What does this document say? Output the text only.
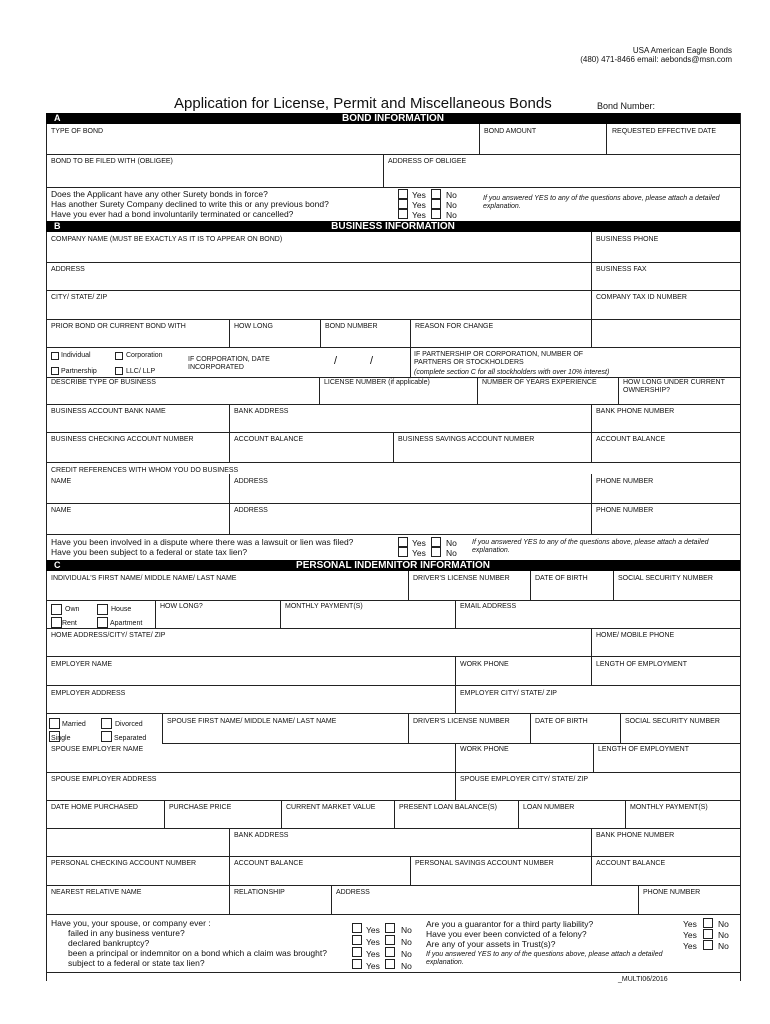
USA American Eagle Bonds
(480) 471-8466 email: aebonds@msn.com
Application for License, Permit and Miscellaneous Bonds	Bond Number:
A	BOND INFORMATION
TYPE OF BOND	BOND AMOUNT	REQUESTED EFFECTIVE DATE
BOND TO BE FILED WITH (OBLIGEE)	ADDRESS OF OBLIGEE
Does the Applicant have any other Surety bonds in force?
Has another Surety Company declined to write this or any previous bond?
Have you ever had a bond involuntarily terminated or cancelled?
Yes No
Yes No
Yes No
If you answered YES to any of the questions above, please attach a detailed explanation.
B	BUSINESS INFORMATION
COMPANY NAME (MUST BE EXACTLY AS IT IS TO APPEAR ON BOND)	BUSINESS PHONE
ADDRESS	BUSINESS FAX
CITY/ STATE/ ZIP	COMPANY TAX ID NUMBER
PRIOR BOND OR CURRENT BOND WITH	HOW LONG	BOND NUMBER	REASON FOR CHANGE
Individual	Corporation
Partnership	LLC/ LLP
IF CORPORATION, DATE INCORPORATED
/	/
IF PARTNERSHIP OR CORPORATION, NUMBER OF PARTNERS OR STOCKHOLDERS
(complete section C for all stockholders with over 10% interest)
DESCRIBE TYPE OF BUSINESS	LICENSE NUMBER (if applicable)	NUMBER OF YEARS EXPERIENCE	HOW LONG UNDER CURRENT OWNERSHIP?
BUSINESS ACCOUNT BANK NAME	BANK ADDRESS	BANK PHONE NUMBER
BUSINESS CHECKING ACCOUNT NUMBER	ACCOUNT BALANCE	BUSINESS SAVINGS ACCOUNT NUMBER	ACCOUNT BALANCE
CREDIT REFERENCES WITH WHOM YOU DO BUSINESS
NAME	ADDRESS	PHONE NUMBER
NAME	ADDRESS	PHONE NUMBER
Have you been involved in a dispute where there was a lawsuit or lien was filed?
Have you been subject to a federal or state tax lien?
Yes No
Yes No
If you answered YES to any of the questions above, please attach a detailed explanation.
C	PERSONAL INDEMNITOR INFORMATION
INDIVIDUAL'S FIRST NAME/ MIDDLE NAME/ LAST NAME	DRIVER'S LICENSE NUMBER	DATE OF BIRTH	SOCIAL SECURITY NUMBER
Own	House
Rent	Apartment
HOW LONG?	MONTHLY PAYMENT(S)	EMAIL ADDRESS
HOME ADDRESS/CITY/ STATE/ ZIP	HOME/ MOBILE PHONE
EMPLOYER NAME	WORK PHONE	LENGTH OF EMPLOYMENT
EMPLOYER ADDRESS	EMPLOYER CITY/ STATE/ ZIP
Married	Divorced
Single	Separated
SPOUSE FIRST NAME/ MIDDLE NAME/ LAST NAME	DRIVER'S LICENSE NUMBER	DATE OF BIRTH	SOCIAL SECURITY NUMBER
SPOUSE EMPLOYER NAME	WORK PHONE	LENGTH OF EMPLOYMENT
SPOUSE EMPLOYER ADDRESS	SPOUSE EMPLOYER CITY/ STATE/ ZIP
DATE HOME PURCHASED	PURCHASE PRICE	CURRENT MARKET VALUE	PRESENT LOAN BALANCE(S)	LOAN NUMBER	MONTHLY PAYMENT(S)
BANK ADDRESS	BANK PHONE NUMBER
PERSONAL CHECKING ACCOUNT NUMBER	ACCOUNT BALANCE	PERSONAL SAVINGS ACCOUNT NUMBER	ACCOUNT BALANCE
NEAREST RELATIVE NAME	RELATIONSHIP	ADDRESS	PHONE NUMBER
Have you, your spouse, or company ever :
failed in any business venture?
declared bankruptcy?
been a principal or indemnitor on a bond which a claim was brought?
subject to a federal or state tax lien?
Yes No
Yes No
Yes No
Yes No
Are you a guarantor for a third party liability?
Have you ever been convicted of a felony?
Are any of your assets in Trust(s)?
If you answered YES to any of the questions above, please attach a detailed explanation.
Yes No
Yes No
Yes No
_MULTI06/2016
